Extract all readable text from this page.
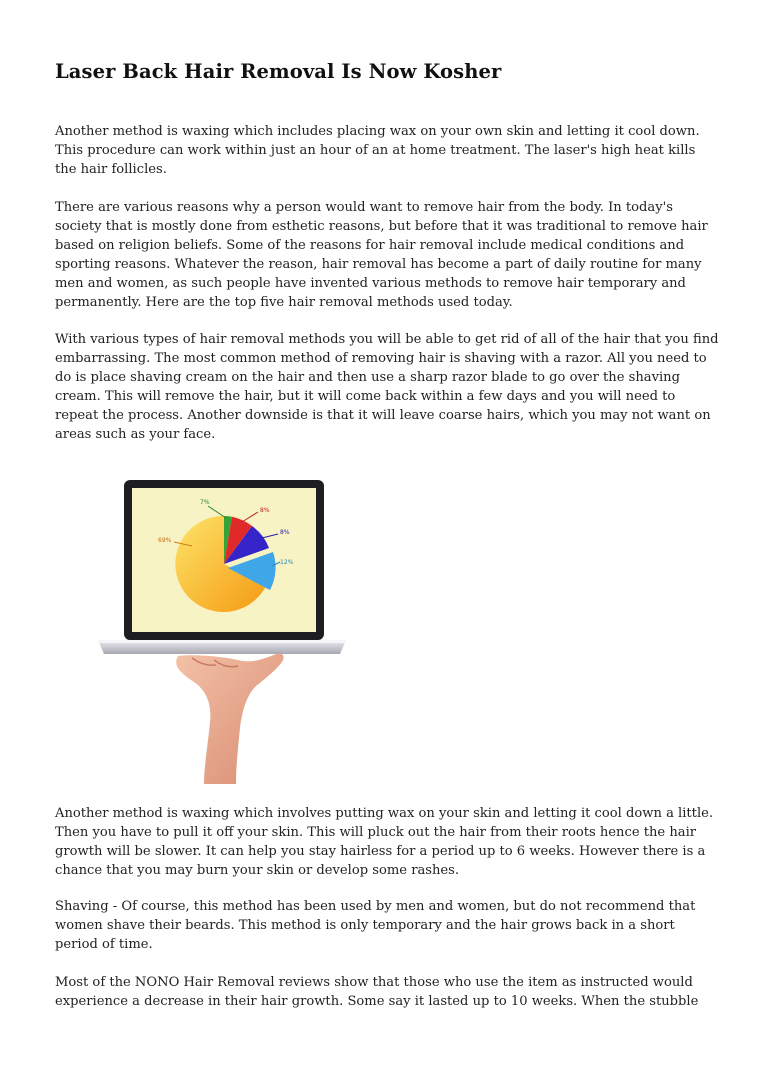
Laser Back Hair Removal Is Now Kosher

Another method is waxing which includes placing wax on your own skin and letting it cool down. This procedure can work within just an hour of an at home treatment. The laser's high heat kills the hair follicles.

There are various reasons why a person would want to remove hair from the body. In today's society that is mostly done from esthetic reasons, but before that it was traditional to remove hair based on religion beliefs. Some of the reasons for hair removal include medical conditions and sporting reasons. Whatever the reason, hair removal has become a part of daily routine for many men and women, as such people have invented various methods to remove hair temporary and permanently. Here are the top five hair removal methods used today.

With various types of hair removal methods you will be able to get rid of all of the hair that you find embarrassing. The most common method of removing hair is shaving with a razor. All you need to do is place shaving cream on the hair and then use a sharp razor blade to go over the shaving cream. This will remove the hair, but it will come back within a few days and you will need to repeat the process. Another downside is that it will leave coarse hairs, which you may not want on areas such as your face.

69%
7%
8%
8%
12%

Another method is waxing which involves putting wax on your skin and letting it cool down a little. Then you have to pull it off your skin. This will pluck out the hair from their roots hence the hair growth will be slower. It can help you stay hairless for a period up to 6 weeks. However there is a chance that you may burn your skin or develop some rashes.

Shaving - Of course, this method has been used by men and women, but do not recommend that women shave their beards. This method is only temporary and the hair grows back in a short period of time.

Most of the NONO Hair Removal reviews show that those who use the item as instructed would experience a decrease in their hair growth. Some say it lasted up to 10 weeks. When the stubble
